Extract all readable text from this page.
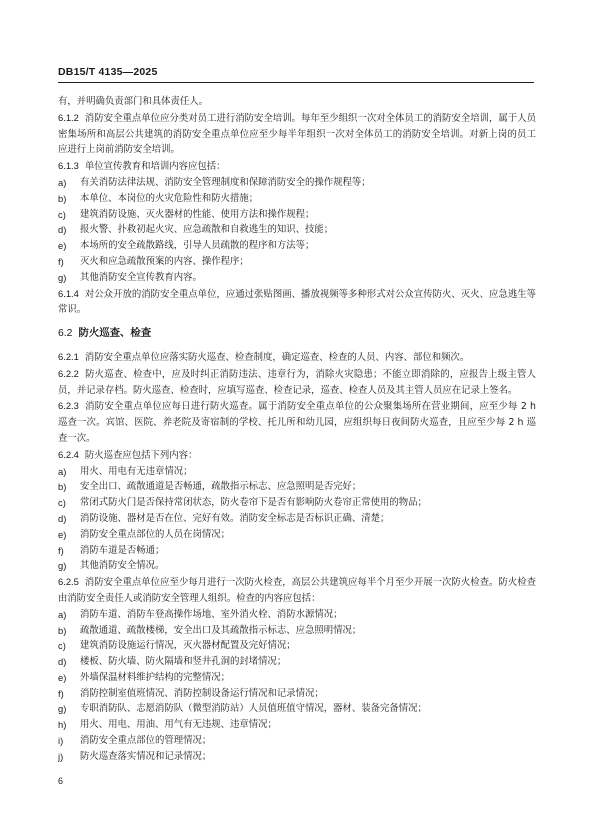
DB15/T 4135—2025

有，并明确负责部门和具体责任人。

6.1.2 消防安全重点单位应分类对员工进行消防安全培训。每年至少组织一次对全体员工的消防安全培训，属于人员密集场所和高层公共建筑的消防安全重点单位应至少每半年组织一次对全体员工的消防安全培训。对新上岗的员工应进行上岗前消防安全培训。

6.1.3 单位宣传教育和培训内容应包括：

a)	有关消防法律法规、消防安全管理制度和保障消防安全的操作规程等；
b)	本单位、本岗位的火灾危险性和防火措施；
c)	建筑消防设施、灭火器材的性能、使用方法和操作规程；
d)	报火警、扑救初起火灾、应急疏散和自救逃生的知识、技能；
e)	本场所的安全疏散路线，引导人员疏散的程序和方法等；
f)	灭火和应急疏散预案的内容、操作程序；
g)	其他消防安全宣传教育内容。

6.1.4 对公众开放的消防安全重点单位，应通过张贴图画、播放视频等多种形式对公众宣传防火、灭火、应急逃生等常识。

6.2 防火巡查、检查

6.2.1 消防安全重点单位应落实防火巡查、检查制度，确定巡查、检查的人员、内容、部位和频次。

6.2.2 防火巡查、检查中，应及时纠正消防违法、违章行为，消除火灾隐患；不能立即消除的，应报告上级主管人员，并记录存档。防火巡查、检查时，应填写巡查、检查记录，巡查、检查人员及其主管人员应在记录上签名。

6.2.3 消防安全重点单位应每日进行防火巡查。属于消防安全重点单位的公众聚集场所在营业期间，应至少每 2 h 巡查一次。宾馆、医院、养老院及寄宿制的学校、托儿所和幼儿园，应组织每日夜间防火巡查，且应至少每 2 h 巡查一次。

6.2.4 防火巡查应包括下列内容：

a)	用火、用电有无违章情况；
b)	安全出口、疏散通道是否畅通，疏散指示标志、应急照明是否完好；
c)	常闭式防火门是否保持常闭状态，防火卷帘下是否有影响防火卷帘正常使用的物品；
d)	消防设施、器材是否在位、完好有效。消防安全标志是否标识正确、清楚；
e)	消防安全重点部位的人员在岗情况；
f)	消防车道是否畅通；
g)	其他消防安全情况。

6.2.5 消防安全重点单位应至少每月进行一次防火检查，高层公共建筑应每半个月至少开展一次防火检查。防火检查由消防安全责任人或消防安全管理人组织。检查的内容应包括：

a)	消防车道、消防车登高操作场地、室外消火栓、消防水源情况；
b)	疏散通道、疏散楼梯，安全出口及其疏散指示标志、应急照明情况；
c)	建筑消防设施运行情况，灭火器材配置及完好情况；
d)	楼板、防火墙、防火隔墙和竖井孔洞的封堵情况；
e)	外墙保温材料维护结构的完整情况；
f)	消防控制室值班情况、消防控制设备运行情况和记录情况；
g)	专职消防队、志愿消防队（微型消防站）人员值班值守情况，器材、装备完备情况；
h)	用火、用电、用油、用气有无违规、违章情况；
i)	消防安全重点部位的管理情况；
j)	防火巡查落实情况和记录情况；
6
